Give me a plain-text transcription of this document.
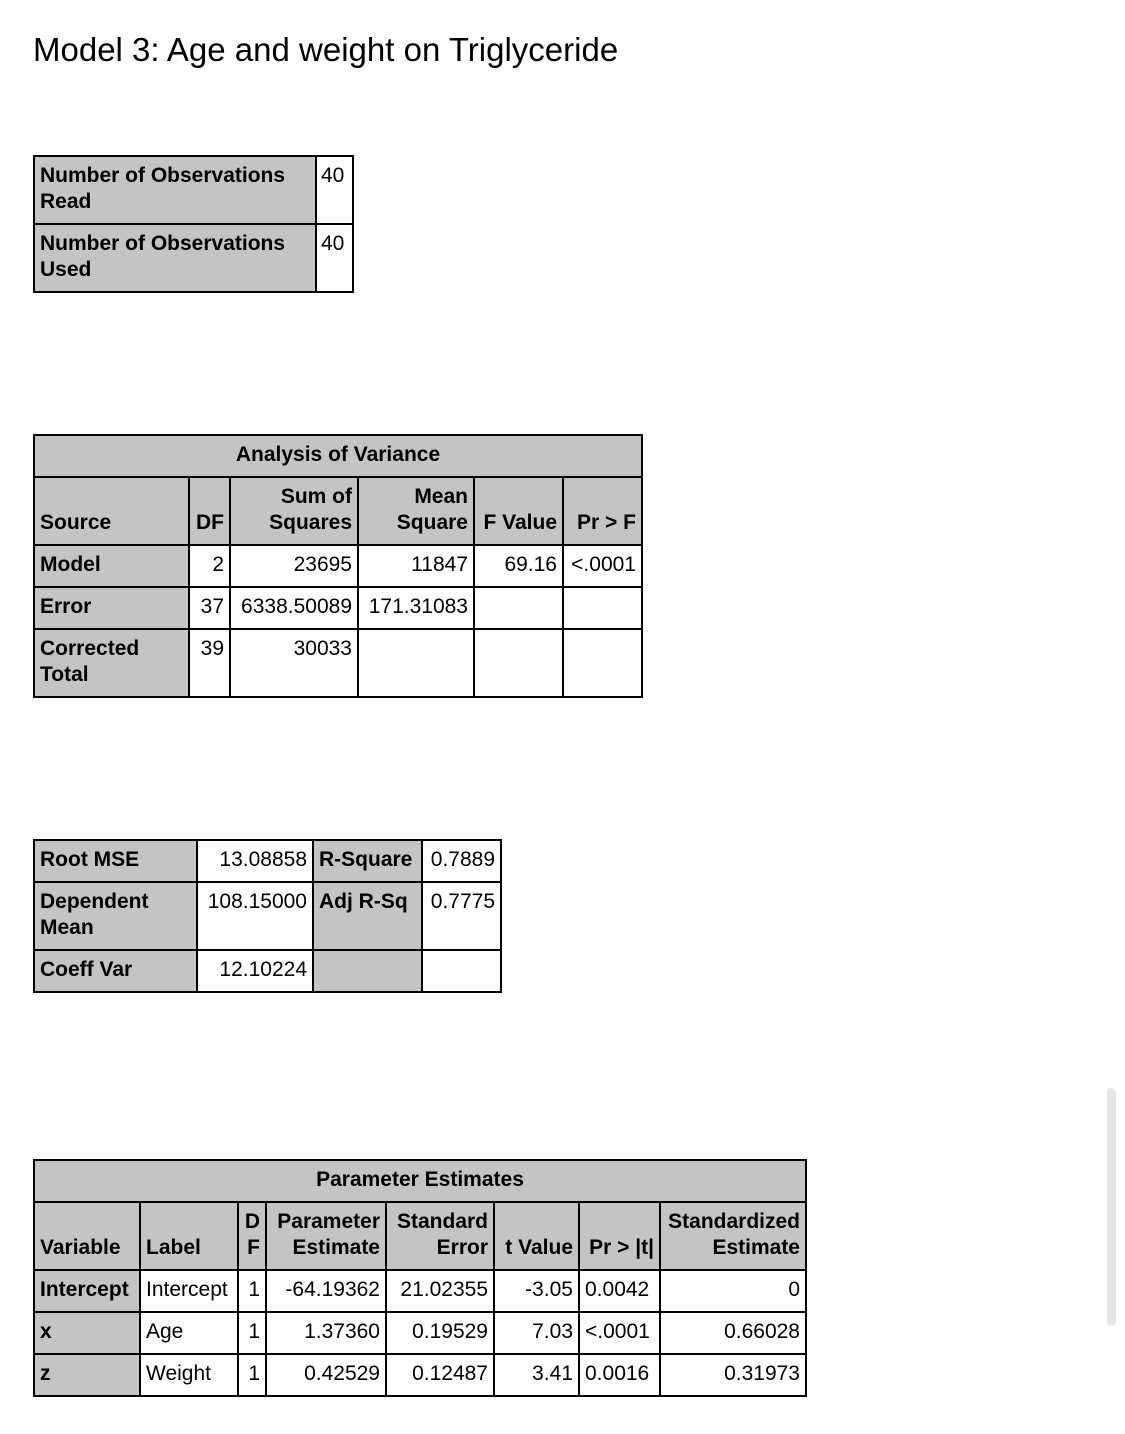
Model 3: Age and weight on Triglyceride
Number of Observations Read	40
Number of Observations Used	40
Analysis of Variance					
Source	DF	Sum of Squares	Mean Square	F Value	Pr > F
Model	2	23695	11847	69.16	<.0001
Error	37	6338.50089	171.31083		
Corrected Total	39	30033			
Root MSE	13.08858	R-Square	0.7889
Dependent Mean	108.15000	Adj R-Sq	0.7775
Coeff Var	12.10224		
Parameter Estimates							
Variable	Label	DF	Parameter Estimate	Standard Error	t Value	Pr > |t|	Standardized Estimate
Intercept	Intercept	1	-64.19362	21.02355	-3.05	0.0042	0
x	Age	1	1.37360	0.19529	7.03	<.0001	0.66028
z	Weight	1	0.42529	0.12487	3.41	0.0016	0.31973
